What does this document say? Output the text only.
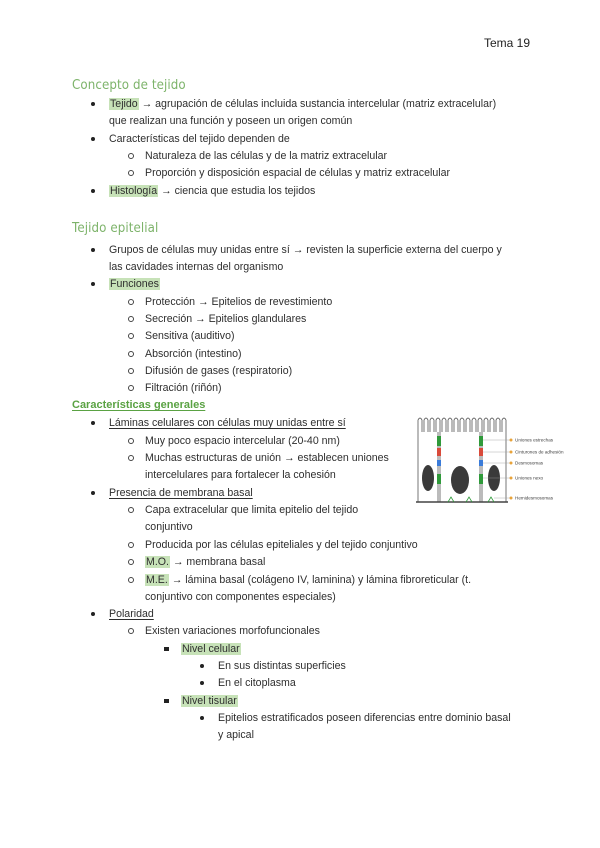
Tema 19
Concepto de tejido
Tejido → agrupación de células incluida sustancia intercelular (matriz extracelular)
que realizan una función y poseen un origen común
Características del tejido dependen de
Naturaleza de las células y de la matriz extracelular
Proporción y disposición espacial de células y matriz extracelular
Histología → ciencia que estudia los tejidos
Tejido epitelial
Grupos de células muy unidas entre sí → revisten la superficie externa del cuerpo y
las cavidades internas del organismo
Funciones
Protección → Epitelios de revestimiento
Secreción → Epitelios glandulares
Sensitiva (auditivo)
Absorción (intestino)
Difusión de gases (respiratorio)
Filtración (riñón)
Características generales
Láminas celulares con células muy unidas entre sí
Muy poco espacio intercelular (20-40 nm)
Muchas estructuras de unión → establecen uniones
intercelulares para fortalecer la cohesión
Presencia de membrana basal
Capa extracelular que limita epitelio del tejido
conjuntivo
Producida por las células epiteliales y del tejido conjuntivo
M.O. → membrana basal
M.E. → lámina basal (colágeno IV, laminina) y lámina fibroreticular (t.
conjuntivo con componentes especiales)
Polaridad
Existen variaciones morfofuncionales
Nivel celular
En sus distintas superficies
En el citoplasma
Nivel tisular
Epitelios estratificados poseen diferencias entre dominio basal
y apical
Uniones estrechas
Cinturones de adhesión
Desmosomas
Uniones nexo
Hemidesmosomas
